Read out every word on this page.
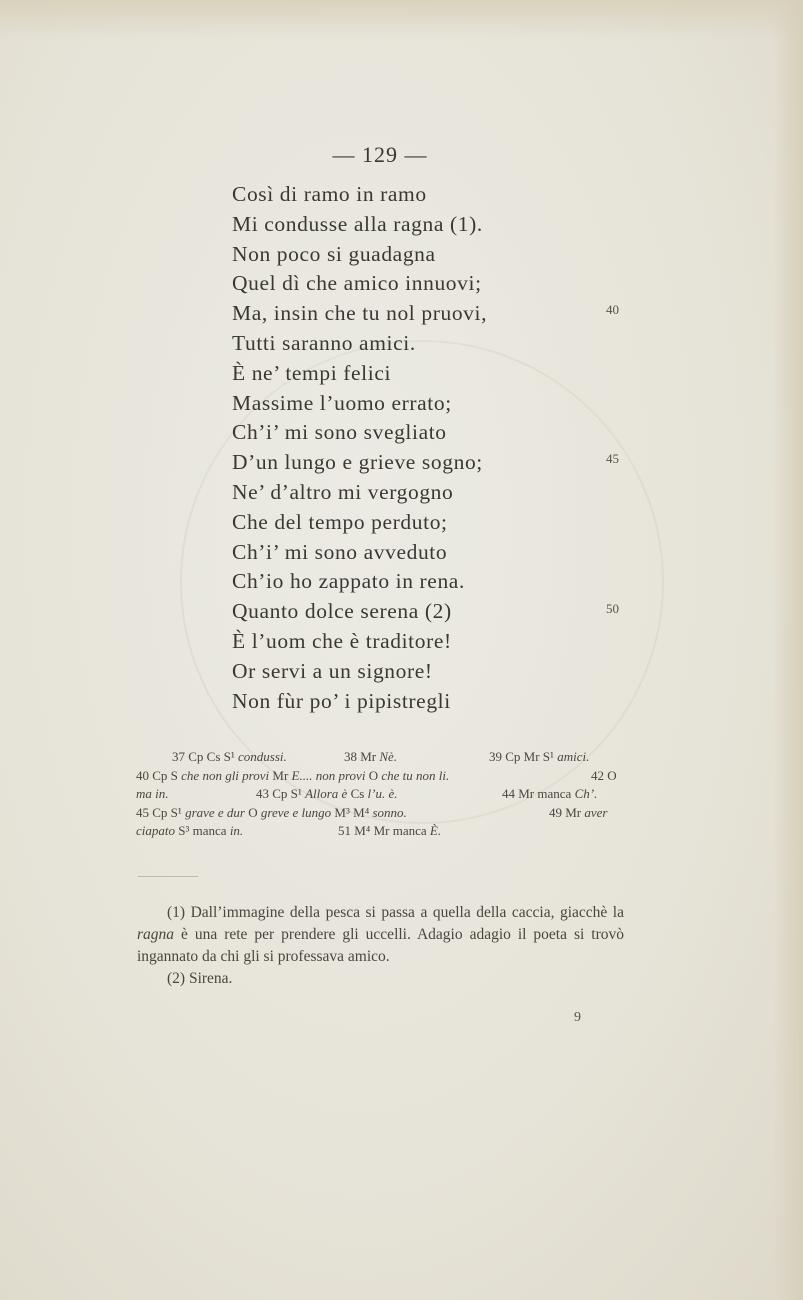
— 129 —
Così di ramo in ramo
Mi condusse alla ragna (1).
Non poco si guadagna
Quel dì che amico innuovi;
Ma, insin che tu nol pruovi,
Tutti saranno amici.
È ne’ tempi felici
Massime l’uomo errato;
Ch’i’ mi sono svegliato
D’un lungo e grieve sogno;
Ne’ d’altro mi vergogno
Che del tempo perduto;
Ch’i’ mi sono avveduto
Ch’io ho zappato in rena.
Quanto dolce serena (2)
È l’uom che è traditore!
Or servi a un signore!
Non fùr po’ i pipistregli
40
45
50
37 Cp Cs S¹ condussi.	38 Mr Nè.	39 Cp Mr S¹ amici.
40 Cp S che non gli provi Mr E.... non provi O che tu non li.	42 O
ma in.	43 Cp S¹ Allora è Cs l’u. è.	44 Mr manca Ch’.
45 Cp S¹ grave e dur O greve e lungo M³ M⁴ sonno.	49 Mr aver
ciapato S³ manca in.	51 M⁴ Mr manca È.

(1) Dall’immagine della pesca si passa a quella della caccia, giacchè la ragna è una rete per prendere gli uccelli. Adagio adagio il poeta si trovò ingannato da chi gli si professava amico.

(2) Sirena.

9
